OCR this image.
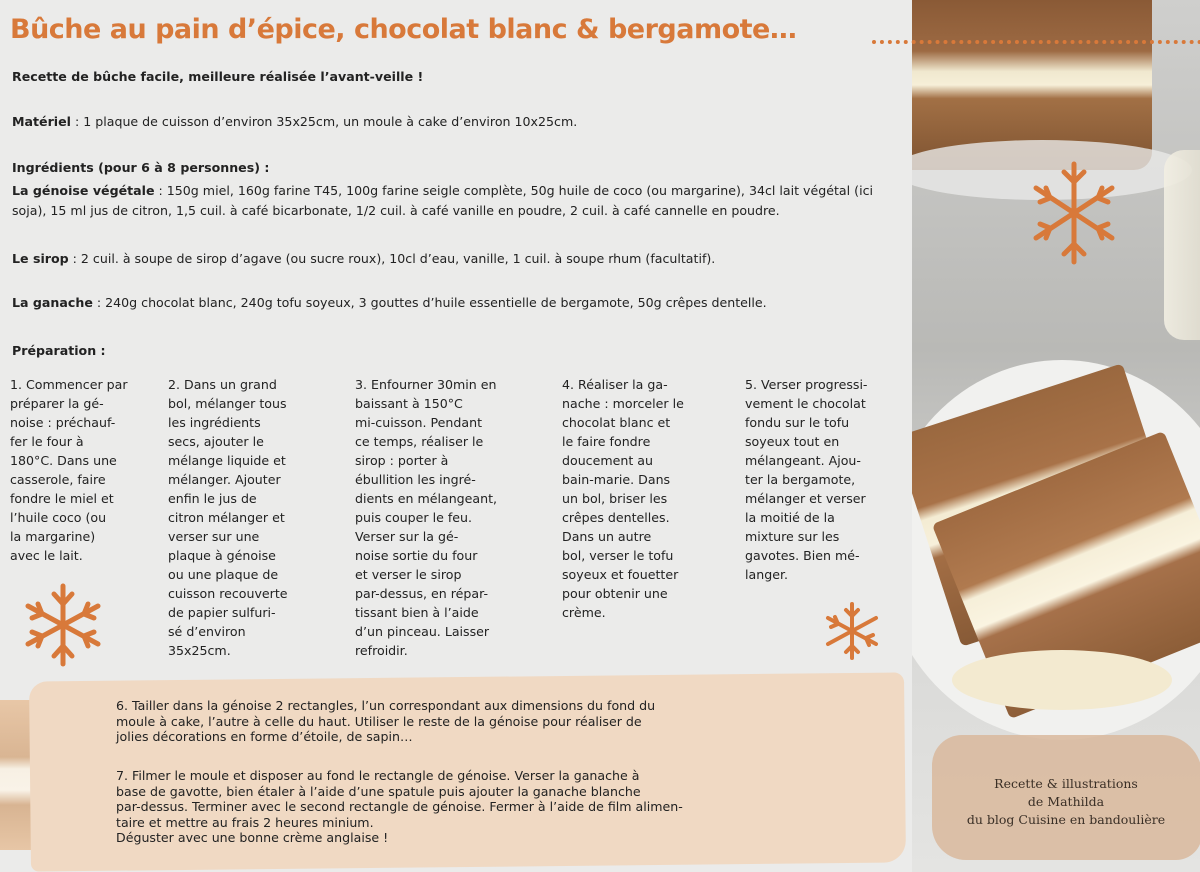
Bûche au pain d’épice, chocolat blanc & bergamote…
Recette de bûche facile, meilleure réalisée l’avant-veille !
Matériel : 1 plaque de cuisson d’environ 35x25cm, un moule à cake d’environ 10x25cm.
Ingrédients (pour 6 à 8 personnes) :
La génoise végétale : 150g miel, 160g farine T45, 100g farine seigle complète, 50g huile de coco (ou margarine), 34cl lait végétal (ici soja), 15 ml jus de citron, 1,5 cuil. à café bicarbonate, 1/2 cuil. à café vanille en poudre, 2 cuil. à café cannelle en poudre.
Le sirop : 2 cuil. à soupe de sirop d’agave (ou sucre roux), 10cl d’eau, vanille, 1 cuil. à soupe rhum (facultatif).
La ganache : 240g chocolat blanc, 240g tofu soyeux, 3 gouttes d’huile essentielle de bergamote, 50g crêpes dentelle.
Préparation :
1. Commencer par
préparer la gé-
noise : préchauf-
fer le four à
180°C. Dans une
casserole, faire
fondre le miel et
l’huile coco (ou
la margarine)
avec le lait.
2. Dans un grand
bol, mélanger tous
les ingrédients
secs, ajouter le
mélange liquide et
mélanger. Ajouter
enfin le jus de
citron mélanger et
verser sur une
plaque à génoise
ou une plaque de
cuisson recouverte
de papier sulfuri-
sé d’environ
35x25cm.
3. Enfourner 30min en
baissant à 150°C
mi-cuisson. Pendant
ce temps, réaliser le
sirop : porter à
ébullition les ingré-
dients en mélangeant,
puis couper le feu.
Verser sur la gé-
noise sortie du four
et verser le sirop
par-dessus, en répar-
tissant bien à l’aide
d’un pinceau. Laisser
refroidir.
4. Réaliser la ga-
nache : morceler le
chocolat blanc et
le faire fondre
doucement au
bain-marie. Dans
un bol, briser les
crêpes dentelles.
Dans un autre
bol, verser le tofu
soyeux et fouetter
pour obtenir une
crème.
5. Verser progressi-
vement le chocolat
fondu sur le tofu
soyeux tout en
mélangeant. Ajou-
ter la bergamote,
mélanger et verser
la moitié de la
mixture sur les
gavotes. Bien mé-
langer.
6. Tailler dans la génoise 2 rectangles, l’un correspondant aux dimensions du fond du
moule à cake, l’autre à celle du haut. Utiliser le reste de la génoise pour réaliser de
jolies décorations en forme d’étoile, de sapin…
7. Filmer le moule et disposer au fond le rectangle de génoise. Verser la ganache à
base de gavotte, bien étaler à l’aide d’une spatule puis ajouter la ganache blanche
par-dessus. Terminer avec le second rectangle de génoise. Fermer à l’aide de film alimen-
taire et mettre au frais 2 heures minium.
Déguster avec une bonne crème anglaise !
Recette & illustrations
de Mathilda
du blog Cuisine en bandoulière
